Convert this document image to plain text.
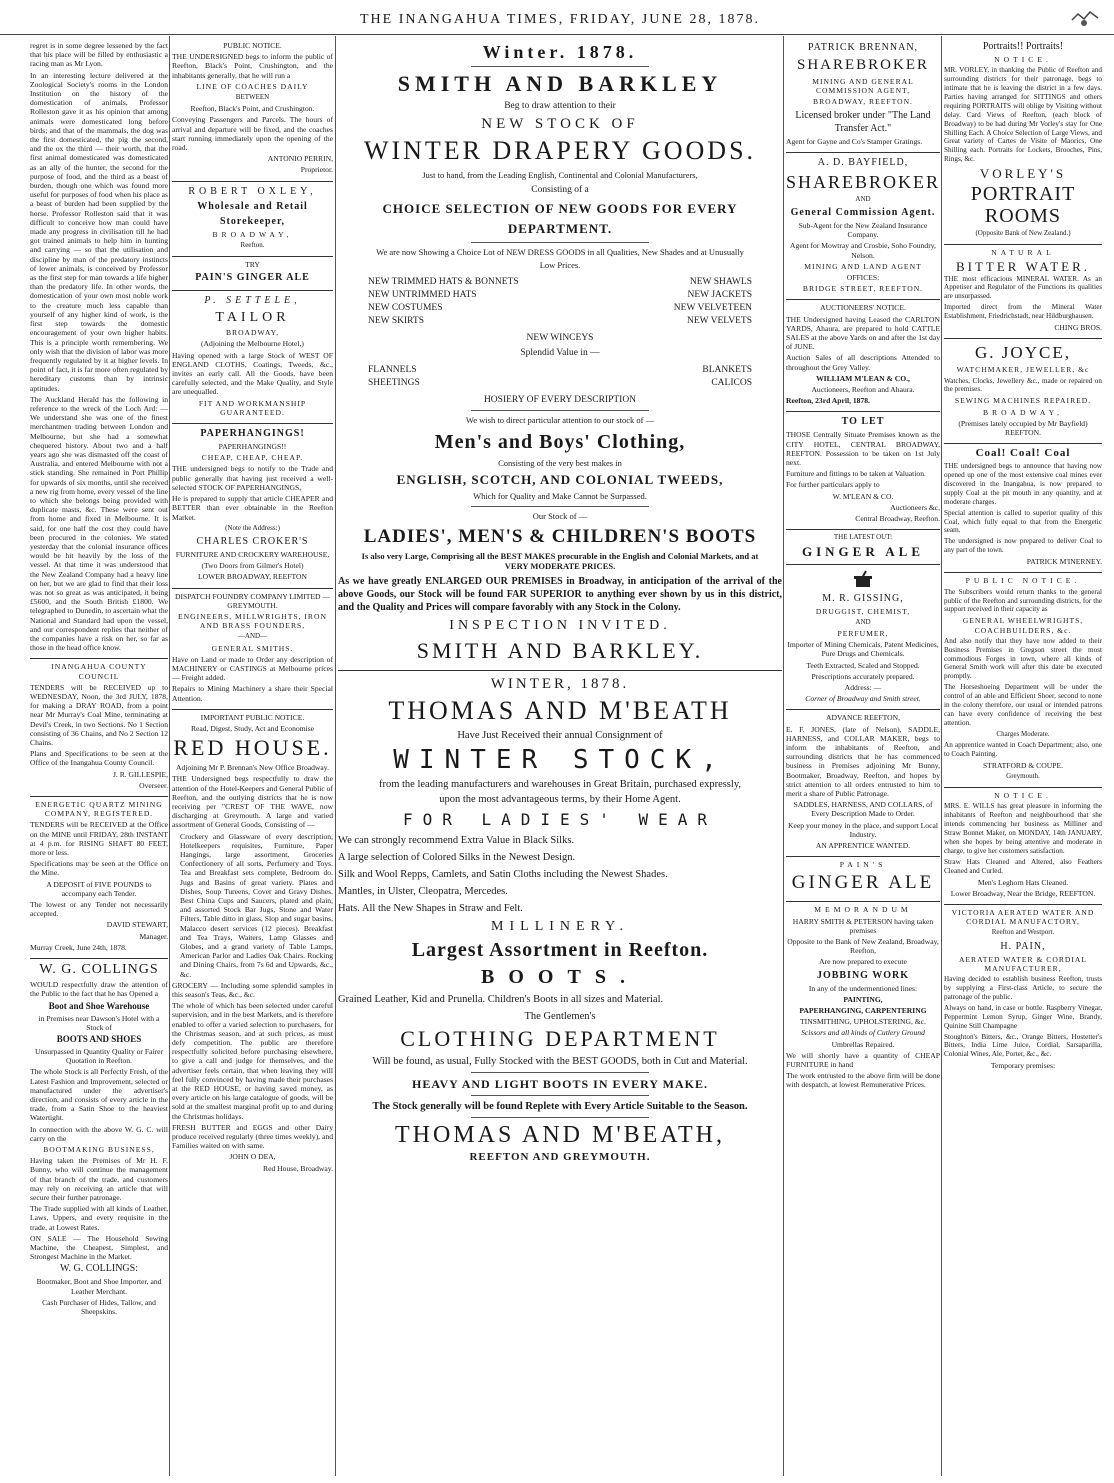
THE INANGAHUA TIMES, FRIDAY, JUNE 28, 1878.

regret is in some degree lessened by the fact that his place will be filled by enthusiastic a racing man as Mr Lyon.

In an interesting lecture delivered at the Zoological Society's rooms in the London Institution on the history of the domestication of animals, Professor Rolleston gave it as his opinion that among animals were domesticated long before birds; and that of the mammals, the dog was the first domesticated, the pig the second, and the ox the third — their worth, that the first animal domesticated was domesticated as an ally of the hunter, the second for the purpose of food, and the third as a beast of burden, though one which was found more useful for purposes of food when his place as a beast of burden had been supplied by the horse. Professor Rolleston said that it was difficult to conceive how man could have made any progress in civilisation till he had got trained animals to help him in hunting and carrying — so that the utilisation and discipline by man of the predatory instincts of lower animals, is conceived by Professor as the first step for man towards a life higher than the predatory life. In other words, the domestication of your own most noble work to the creature much less capable than yourself of any higher kind of work, is the first step towards the domestic encouragement of your own higher habits. This is a principle worth remembering. We only wish that the division of labor was more frequently regulated by it at higher levels. In point of fact, it is far more often regulated by hereditary customs than by intrinsic aptitudes.

The Auckland Herald has the following in reference to the wreck of the Loch Ard: — We understand she was one of the finest merchantmen trading between London and Melbourne, but she had a somewhat chequered history. About two and a half years ago she was dismasted off the coast of Australia, and entered Melbourne with not a stick standing. She remained in Port Phillip for upwards of six months, until she received a new rig from home, every vessel of the line to which she belongs being provided with duplicate masts, &c. These were sent out from home and fixed in Melbourne. It is said, for one half the cost they could have been procured in the colonies. We stated yesterday that the colonial insurance offices would be hit heavily by the loss of the vessel. At that time it was understood that the New Zealand Company had a heavy line on her, but we are glad to find that their loss was not so great as was anticipated, it being £5600, and the South British £1800. We telegraphed to Dunedin, to ascertain what the National and Standard had upon the vessel, and our correspondent replies that neither of the companies have a risk on her, so far as those in the head office know.

INANGAHUA COUNTY COUNCIL

TENDERS will be RECEIVED up to WEDNESDAY, Noon, the 3rd JULY, 1878, for making a DRAY ROAD, from a point near Mr Murray's Coal Mine, terminating at Devil's Creek, in two Sections. No 1 Section consisting of 36 Chains, and No 2 Section 12 Chains.

Plans and Specifications to be seen at the Office of the Inangahua County Council.

J. R. GILLESPIE,

Overseer.

ENERGETIC QUARTZ MINING COMPANY, REGISTERED.

TENDERS will be RECEIVED at the Office on the MINE until FRIDAY, 28th INSTANT at 4 p.m. for RISING SHAFT 80 FEET, more or less.

Specifications may be seen at the Office on the Mine.

A DEPOSIT of FIVE POUNDS to accompany each Tender.

The lowest or any Tender not necessarily accepted.

DAVID STEWART,

Manager.

Murray Creek, June 24th, 1878.

W. G. COLLINGS

WOULD respectfully draw the attention of the Public to the fact that he has Opened a

Boot and Shoe Warehouse

in Premises near Dawson's Hotel with a Stock of

BOOTS AND SHOES

Unsurpassed in Quantity Quality or Fairer Quotation in Reefton.

The whole Stock is all Perfectly Fresh, of the Latest Fashion and Improvement, selected or manufactured under the advertiser's direction, and consists of every article in the trade, from a Satin Shoe to the heaviest Watertight.

In connection with the above W. G. C. will carry on the

BOOTMAKING BUSINESS,

Having taken the Premises of Mr H. F. Bunny, who will continue the management of that branch of the trade, and customers may rely on receiving an article that will secure their further patronage.

The Trade supplied with all kinds of Leather, Laws, Uppers, and every requisite in the trade, at Lowest Rates.

ON SALE — The Household Sewing Machine, the Cheapest, Simplest, and Strongest Machine in the Market.

W. G. COLLINGS:

Bootmaker, Boot and Shoe Importer, and Leather Merchant.

Cash Purchaser of Hides, Tallow, and Sheepskins.

PUBLIC NOTICE.

THE UNDERSIGNED begs to inform the public of Reefton, Black's Point, Crushington, and the inhabitants generally, that he will run a

LINE OF COACHES DAILY

BETWEEN

Reefton, Black's Point, and Crushington.

Conveying Passengers and Parcels. The hours of arrival and departure will be fixed, and the coaches start running immediately upon the opening of the road.

ANTONIO PERRIN,

Proprietor.

ROBERT OXLEY,

Wholesale and Retail

Storekeeper,

BROADWAY,

Reefton.

TRY

PAIN'S GINGER ALE

P. SETTELE,

TAILOR

BROADWAY,

(Adjoining the Melbourne Hotel,)

Having opened with a large Stock of WEST OF ENGLAND CLOTHS, Coatings, Tweeds, &c., invites an early call. All the Goods, have been carefully selected, and the Make Quality, and Style are unequalled.

FIT AND WORKMANSHIP GUARANTEED.

PAPERHANGINGS!

PAPERHANGINGS!!

CHEAP, CHEAP, CHEAP.

THE undersigned begs to notify to the Trade and public generally that having just received a well-selected STOCK OF PAPERHANGINGS,

He is prepared to supply that article CHEAPER and BETTER than ever obtainable in the Reefton Market.

(Note the Address:)

CHARLES CROKER'S

FURNITURE AND CROCKERY WAREHOUSE,

(Two Doors from Gilmer's Hotel)

LOWER BROADWAY, REEFTON

DISPATCH FOUNDRY COMPANY LIMITED — GREYMOUTH.

ENGINEERS, MILLWRIGHTS, IRON AND BRASS FOUNDERS,

—AND—

GENERAL SMITHS.

Have on Land or made to Order any description of MACHINERY or CASTINGS at Melbourne prices — Freight added.

Repairs to Mining Machinery a share their Special Attention.

IMPORTANT PUBLIC NOTICE.

Read, Digest, Study, Act and Economise

RED HOUSE.

Adjoining Mr P. Brennan's New Office Broadway.

THE Undersigned begs respectfully to draw the attention of the Hotel-Keepers and General Public of Reefton, and the outlying districts that he is now receiving per "CREST OF THE WAVE, now discharging at Greymouth. A large and varied assortment of General Goods, Consisting of —

Crockery and Glassware of every description, Hotelkeepers requisites, Furniture, Paper Hangings, large assortment, Groceries Confectionery of all sorts, Perfumery and Toys. Tea and Breakfast sets complete, Bedroom do. Jugs and Basins of great variety. Plates and Dishes, Soup Tureens, Cover and Gravy Dishes. Best China Cups and Saucers, plated and plain, and assorted Stock Bar Jugs, Stone and Water Filters, Table ditto in glass, Slop and sugar basins, Malacco desert services (12 pieces). Breakfast and Tea Trays, Waiters, Lamp Glasses and Globes, and a grand variety of Table Lamps, American Parlor and Ladies Oak Chairs. Rocking and Dining Chairs, from 7s 6d and Upwards, &c., &c.

GROCERY — Including some splendid samples in this season's Teas, &c., &c.

The whole of which has been selected under careful supervision, and in the best Markets, and is therefore enabled to offer a varied selection to purchasers, for the Christmas season, and at such prices, as must defy competition. The public are therefore respectfully solicited before purchasing elsewhere, to give a call and judge for themselves, and the advertiser feels certain, that when leaving they will feel fully convinced by having made their purchases at the RED HOUSE, or having saved money, as every article on his large catalogue of goods, will be sold at the smallest marginal profit up to and during the Christmas holidays.

FRESH BUTTER and EGGS and other Dairy produce received regularly (three times weekly), and Families waited on with same.

JOHN O DEA,

Red House, Broadway.

Winter. 1878.

SMITH AND BARKLEY

Beg to draw attention to their

NEW STOCK OF

WINTER DRAPERY GOODS.

Just to hand, from the Leading English, Continental and Colonial Manufacturers,

Consisting of a

CHOICE SELECTION OF NEW GOODS FOR EVERY DEPARTMENT.

We are now Showing a Choice Lot of NEW DRESS GOODS in all Qualities, New Shades and at Unusually Low Prices.

NEW TRIMMED HATS & BONNETS
NEW UNTRIMMED HATS
NEW COSTUMES
NEW SKIRTS
NEW SHAWLS
NEW JACKETS
NEW VELVETEEN
NEW VELVETS

NEW WINCEYS

Splendid Value in —

FLANNELS
SHEETINGS
BLANKETS
CALICOS

HOSIERY OF EVERY DESCRIPTION

We wish to direct particular attention to our stock of —

Men's and Boys' Clothing,

Consisting of the very best makes in

ENGLISH, SCOTCH, AND COLONIAL TWEEDS,

Which for Quality and Make Cannot be Surpassed.

Our Stock of —

LADIES', MEN'S & CHILDREN'S BOOTS

Is also very Large, Comprising all the BEST MAKES procurable in the English and Colonial Markets, and at VERY MODERATE PRICES.

As we have greatly ENLARGED OUR PREMISES in Broadway, in anticipation of the arrival of the above Goods, our Stock will be found FAR SUPERIOR to anything ever shown by us in this district, and the Quality and Prices will compare favorably with any Stock in the Colony.

INSPECTION INVITED.

SMITH AND BARKLEY.

WINTER, 1878.

THOMAS AND M'BEATH

Have Just Received their annual Consignment of

WINTER STOCK,

from the leading manufacturers and warehouses in Great Britain, purchased expressly, upon the most advantageous terms, by their Home Agent.

FOR LADIES' WEAR

We can strongly recommend Extra Value in Black Silks.

A large selection of Colored Silks in the Newest Design.

Silk and Wool Repps, Camlets, and Satin Cloths including the Newest Shades.

Mantles, in Ulster, Cleopatra, Mercedes.

Hats. All the New Shapes in Straw and Felt.

MILLINERY.

Largest Assortment in Reefton.

BOOTS.

Grained Leather, Kid and Prunella. Children's Boots in all sizes and Material.

The Gentlemen's

CLOTHING DEPARTMENT

Will be found, as usual, Fully Stocked with the BEST GOODS, both in Cut and Material.

HEAVY AND LIGHT BOOTS IN EVERY MAKE.

The Stock generally will be found Replete with Every Article Suitable to the Season.

THOMAS AND M'BEATH,

REEFTON AND GREYMOUTH.

PATRICK BRENNAN,

SHAREBROKER

MINING AND GENERAL COMMISSION AGENT,

BROADWAY, REEFTON.

Licensed broker under "The Land Transfer Act."

Agent for Gayne and Co's Stamper Gratings.

A. D. BAYFIELD,

SHAREBROKER

AND

General Commission Agent.

Sub-Agent for the New Zealand Insurance Company.

Agent for Mowtray and Crosbie, Soho Foundry, Nelson.

MINING AND LAND AGENT

OFFICES:

BRIDGE STREET, REEFTON.

AUCTIONEERS' NOTICE.

THE Undersigned having Leased the CARLTON YARDS, Ahaura, are prepared to hold CATTLE SALES at the above Yards on and after the 1st day of JUNE.

Auction Sales of all descriptions Attended to throughout the Grey Valley.

WILLIAM M'LEAN & CO.,

Auctioneers, Reefton and Ahaura.

Reefton, 23rd April, 1878.

TO LET

THOSE Centrally Situate Premises known as the CITY HOTEL, CENTRAL BROADWAY, REEFTON. Possession to be taken on 1st July next.

Furniture and fittings to be taken at Valuation.

For further particulars apply to

W. M'LEAN & CO.

Auctioneers &c,

Central Broadway, Reefton.

THE LATEST OUT:

GINGER ALE

M. R. GISSING,

DRUGGIST, CHEMIST,

AND

PERFUMER,

Importer of Mining Chemicals, Patent Medicines, Pure Drugs and Chemicals.

Teeth Extracted, Scaled and Stopped.

Prescriptions accurately prepared.

Address: —

Corner of Broadway and Smith street.

ADVANCE REEFTON,

E. F. JONES, (late of Nelson), SADDLE, HARNESS, and COLLAR MAKER, begs to inform the inhabitants of Reefton, and surrounding districts that he has commenced business in Premises adjoining Mr Bunny, Bootmaker, Broadway, Reefton, and hopes by strict attention to all orders entrusted to him to merit a share of Public Patronage.

SADDLES, HARNESS, AND COLLARS, of Every Description Made to Order.

Keep your money in the place, and support Local Industry.

AN APPRENTICE WANTED.

PAIN'S

GINGER ALE

MEMORANDUM

HARRY SMITH & PETERSON having taken premises

Opposite to the Bank of New Zealand, Broadway, Reefton,

Are now prepared to execute

JOBBING WORK

In any of the undermentioned lines:

PAINTING,

PAPERHANGING, CARPENTERING

TINSMITHING, UPHOLSTERING, &c.

Scissors and all kinds of Cutlery Ground

Umbrellas Repaired.

We will shortly have a quantity of CHEAP FURNITURE in hand

The work entrusted to the above firm will be done with despatch, at lowest Remunerative Prices.

Portraits!! Portraits!

NOTICE.

MR. VORLEY, in thanking the Public of Reefton and surrounding districts for their patronage, begs to intimate that he is leaving the district in a few days. Parties having arranged for SITTINGS and others requiring PORTRAITS will oblige by Visiting without delay. Card Views of Reefton, (each block of Broadway) to be had during Mr Vorley's stay for One Shilling Each. A Choice Selection of Large Views, and Great variety of Cartes de Visite of Maorics, One Shilling each. Portraits for Lockets, Brooches, Pins, Rings, &c.

VORLEY'S

PORTRAIT ROOMS

(Opposite Bank of New Zealand.)

NATURAL

BITTER WATER.

THE most efficacious MINERAL WATER. As an Appetiser and Regulator of the Functions its qualities are unsurpassed.

Imported direct from the Mineral Water Establishment, Friedrichstadt, near Hildburghausen.

CHING BROS.

G. JOYCE,

WATCHMAKER, JEWELLER, &c

Watches, Clocks, Jewellery &c., made or repaired on the premises.

SEWING MACHINES REPAIRED.

BROADWAY,

(Premises lately occupied by Mr Bayfield) REEFTON.

Coal! Coal! Coal

THE undersigned begs to announce that having now opened up one of the most extensive coal mines ever discovered in the Inangahua, is now prepared to supply Coal at the pit mouth in any quantity, and at moderate charges.

Special attention is called to superior quality of this Coal, which fully equal to that from the Energetic seam.

The undersigned is now prepared to deliver Coal to any part of the town.

PATRICK M'INERNEY.

PUBLIC NOTICE.

The Subscribers would return thanks to the general public of the Reefton and surrounding districts, for the support received in their capacity as

GENERAL WHEELWRIGHTS, COACHBUILDERS, &c.

And also notify that they have now added to their Business Premises in Gregson street the most commodious Forges in town, where all kinds of General Smith work will after this date be executed promptly.

The Horseshoeing Department will be under the control of an able and Efficient Shoer, second to none in the colony therefore, our usual or intended patrons can have every confidence of receiving the best attention.

Charges Moderate.

An apprentice wanted in Coach Department; also, one to Coach Painting.

STRATFORD & COUPE.

Greymouth.

NOTICE.

MRS. E. WILLS has great pleasure in informing the inhabitants of Reefton and neighbourhood that she intends commencing her business as Milliner and Straw Bonnet Maker, on MONDAY, 14th JANUARY, when she hopes by being attentive and moderate in charge, to give her customers satisfaction.

Straw Hats Cleaned and Altered, also Feathers Cleaned and Curled.

Men's Leghorn Hats Cleaned.

Lower Broadway, Near the Bridge, REEFTON.

VICTORIA AERATED WATER AND CORDIAL MANUFACTORY,

Reefton and Westport.

H. PAIN,

AERATED WATER & CORDIAL MANUFACTURER,

Having decided to establish business Reefton, trusts by supplying a First-class Article, to secure the patronage of the public.

Always on hand, in case or bottle. Raspberry Vinegar, Peppermint Lemon Syrup, Ginger Wine, Brandy, Quinine Still Champagne

Stoughton's Bitters, &c., Orange Bitters, Hostetter's Bitters, India Lime Juice, Cordial, Sarsaparilla, Colonial Wines, Ale, Porter, &c., &c.

Temporary premises:
